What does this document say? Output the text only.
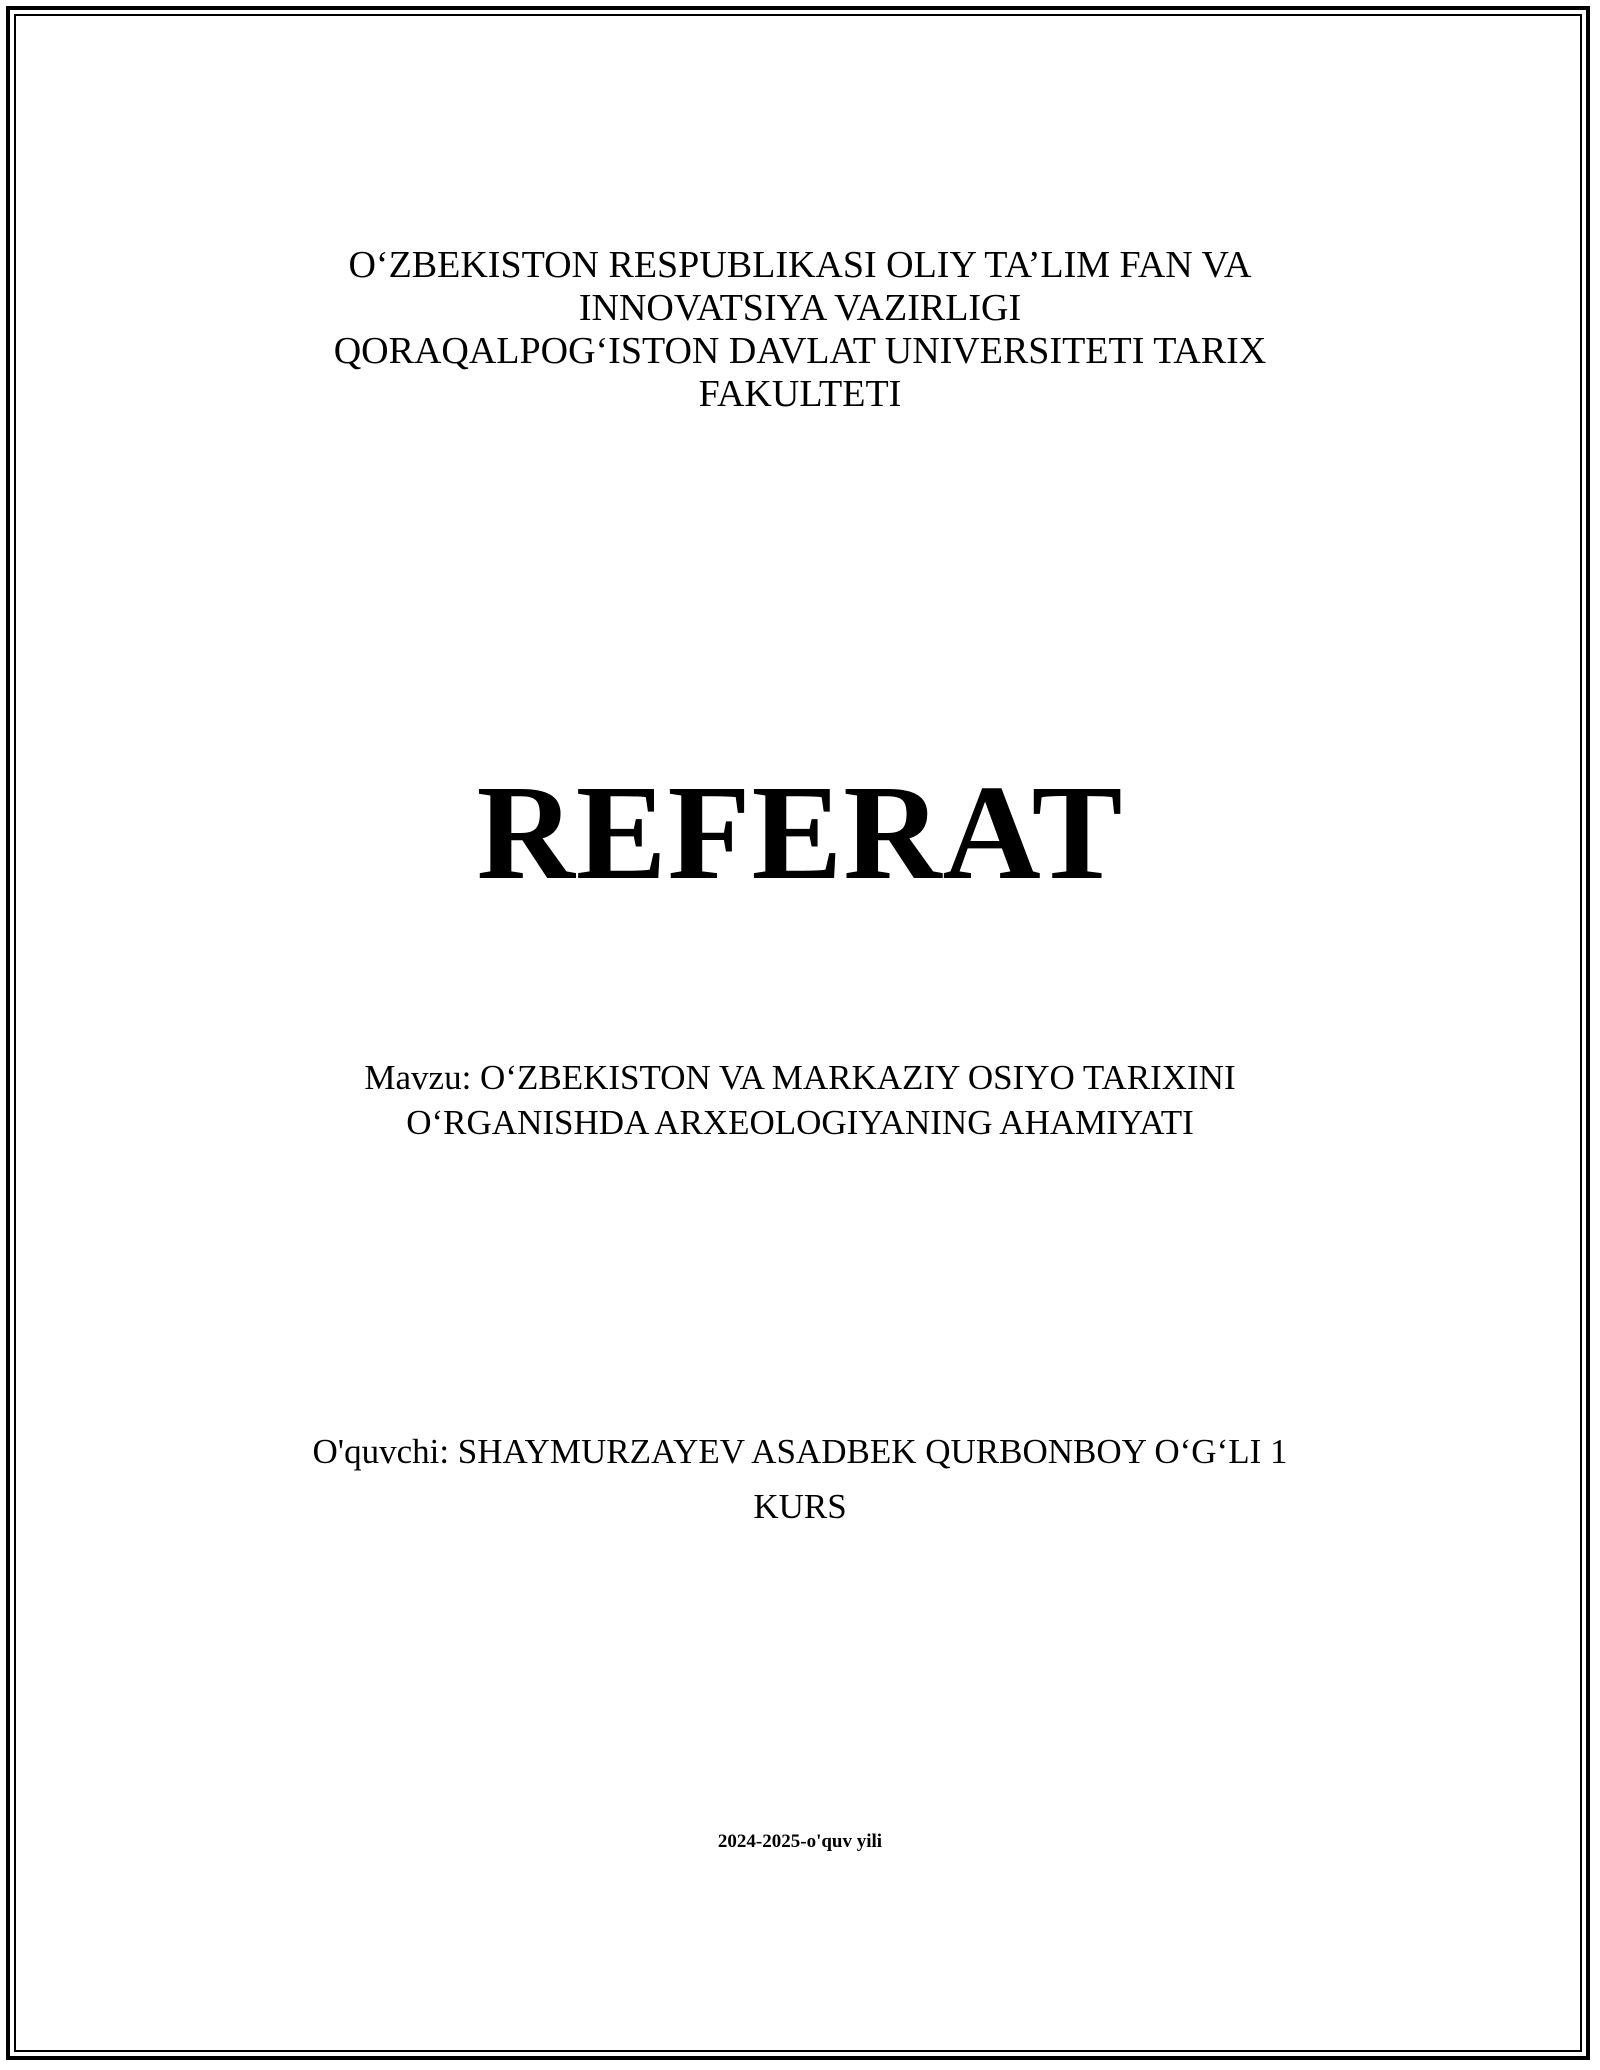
O‘ZBEKISTON RESPUBLIKASI OLIY TA’LIM FAN VA
INNOVATSIYA VAZIRLIGI
QORAQALPOG‘ISTON DAVLAT UNIVERSITETI TARIX
FAKULTETI
REFERAT
Mavzu: O‘ZBEKISTON VA MARKAZIY OSIYO TARIXINI
O‘RGANISHDA ARXEOLOGIYANING AHAMIYATI
O'quvchi: SHAYMURZAYEV ASADBEK QURBONBOY O‘G‘LI 1
KURS
2024-2025-o'quv yili
